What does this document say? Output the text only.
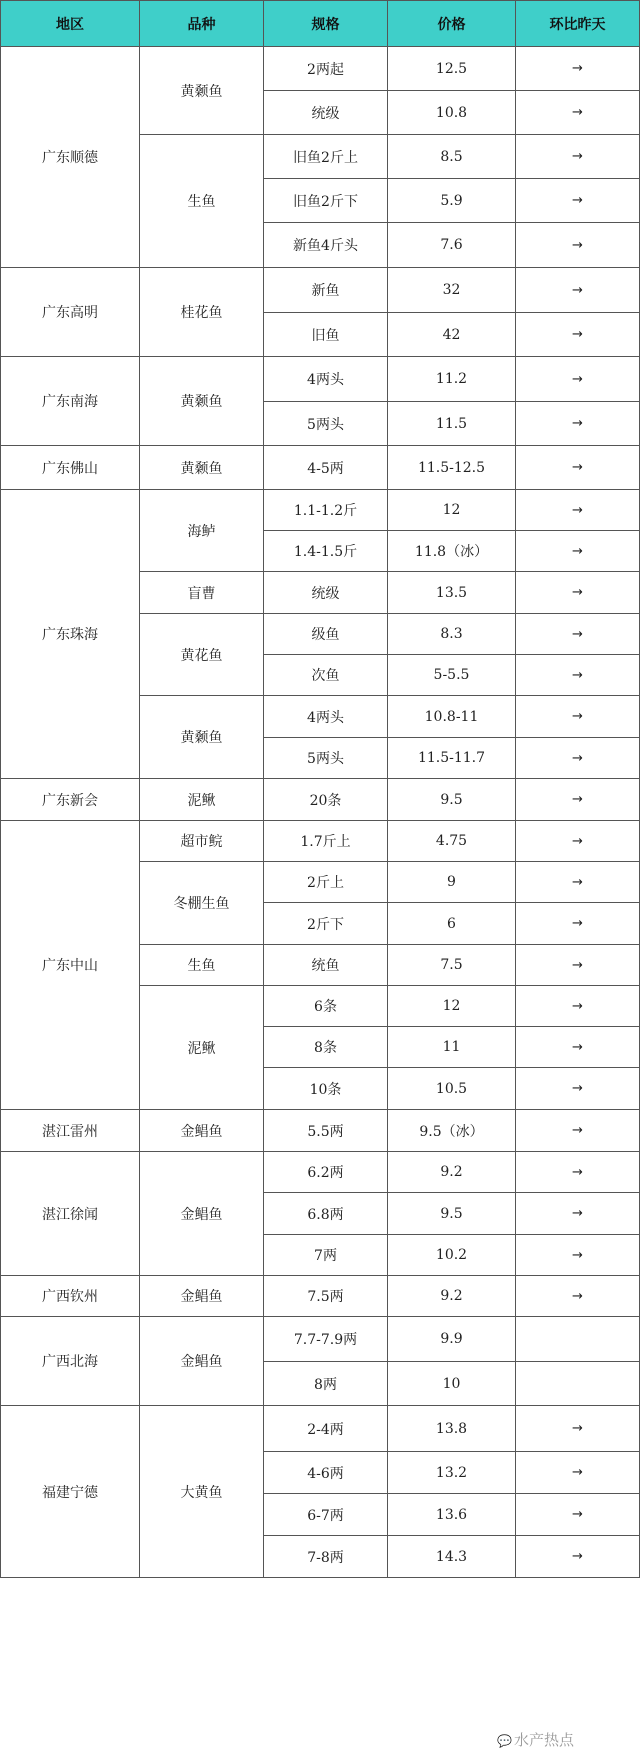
地区	品种	规格	价格	环比昨天
广东顺德	黄颡鱼	2两起	12.5	→
		统级	10.8	→
	生鱼	旧鱼2斤上	8.5	→
		旧鱼2斤下	5.9	→
		新鱼4斤头	7.6	→
广东高明	桂花鱼	新鱼	32	→
		旧鱼	42	→
广东南海	黄颡鱼	4两头	11.2	→
		5两头	11.5	→
广东佛山	黄颡鱼	4-5两	11.5-12.5	→
广东珠海	海鲈	1.1-1.2斤	12	→
		1.4-1.5斤	11.8（冰）	→
	盲曹	统级	13.5	→
	黄花鱼	级鱼	8.3	→
		次鱼	5-5.5	→
	黄颡鱼	4两头	10.8-11	→
		5两头	11.5-11.7	→
广东新会	泥鳅	20条	9.5	→
广东中山	超市鲩	1.7斤上	4.75	→
	冬棚生鱼	2斤上	9	→
		2斤下	6	→
	生鱼	统鱼	7.5	→
	泥鳅	6条	12	→
		8条	11	→
		10条	10.5	→
湛江雷州	金鲳鱼	5.5两	9.5（冰）	→
湛江徐闻	金鲳鱼	6.2两	9.2	→
		6.8两	9.5	→
		7两	10.2	→
广西钦州	金鲳鱼	7.5两	9.2	→
广西北海	金鲳鱼	7.7-7.9两	9.9	
		8两	10	
福建宁德	大黄鱼	2-4两	13.8	→
		4-6两	13.2	→
		6-7两	13.6	→
		7-8两	14.3	→
💬 水产热点
